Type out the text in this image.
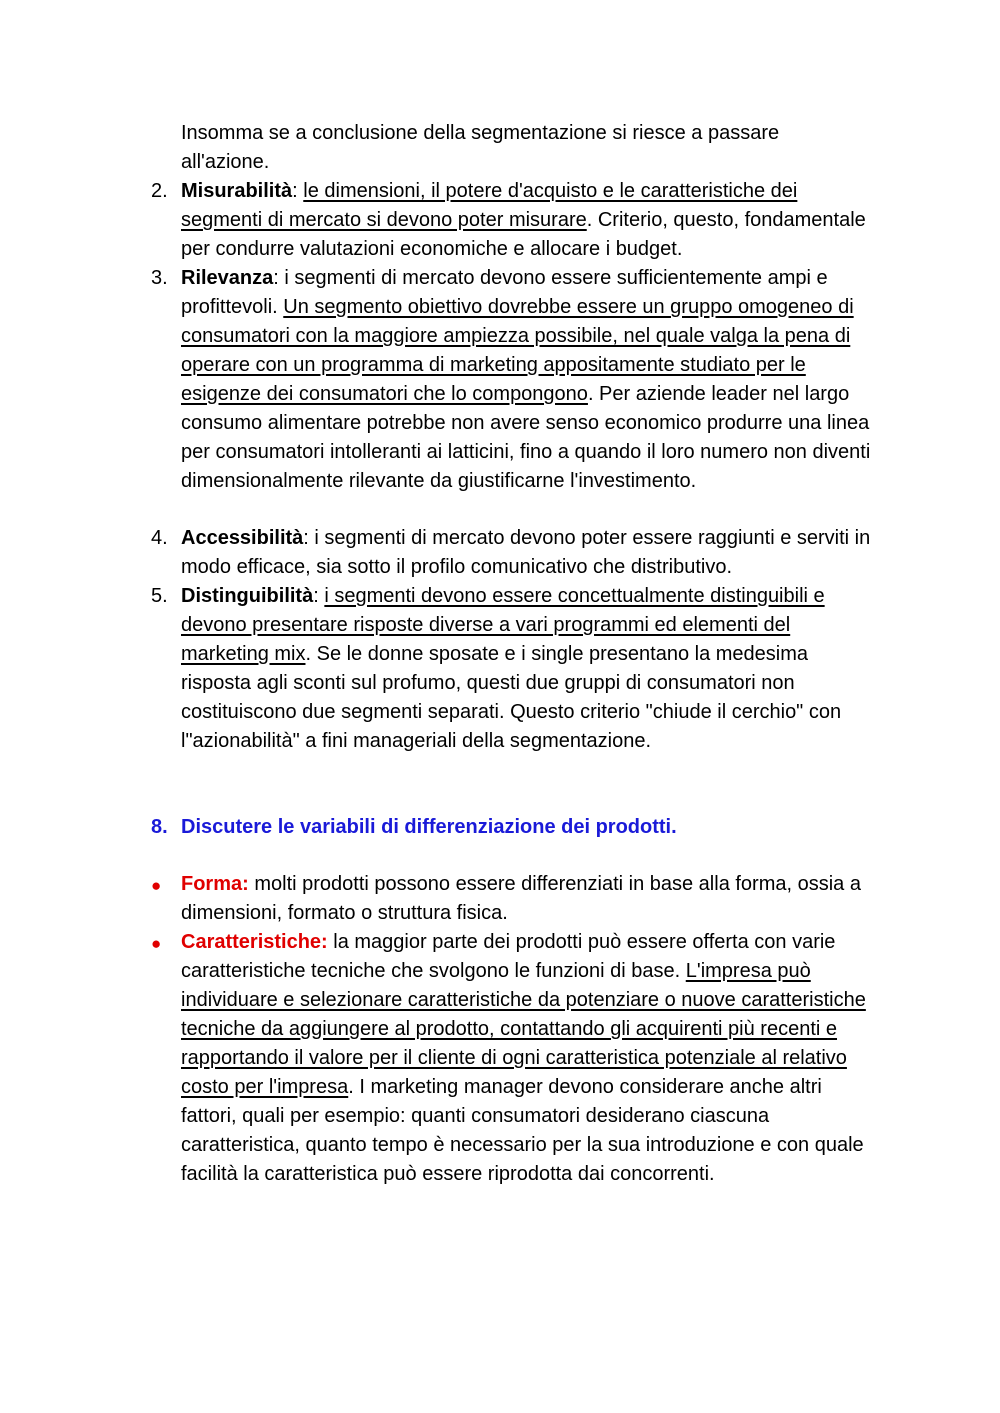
Insomma se a conclusione della segmentazione si riesce a passare
all'azione.
2. Misurabilità: le dimensioni, il potere d'acquisto e le caratteristiche dei segmenti di mercato si devono poter misurare. Criterio, questo, fondamentale per condurre valutazioni economiche e allocare i budget.
3. Rilevanza: i segmenti di mercato devono essere sufficientemente ampi e profittevoli. Un segmento obiettivo dovrebbe essere un gruppo omogeneo di consumatori con la maggiore ampiezza possibile, nel quale valga la pena di operare con un programma di marketing appositamente studiato per le esigenze dei consumatori che lo compongono. Per aziende leader nel largo consumo alimentare potrebbe non avere senso economico produrre una linea per consumatori intolleranti ai latticini, fino a quando il loro numero non diventi dimensionalmente rilevante da giustificarne l'investimento.
4. Accessibilità: i segmenti di mercato devono poter essere raggiunti e serviti in modo efficace, sia sotto il profilo comunicativo che distributivo.
5. Distinguibilità: i segmenti devono essere concettualmente distinguibili e devono presentare risposte diverse a vari programmi ed elementi del marketing mix. Se le donne sposate e i single presentano la medesima risposta agli sconti sul profumo, questi due gruppi di consumatori non costituiscono due segmenti separati. Questo criterio "chiude il cerchio" con l"azionabilità" a fini manageriali della segmentazione.
8. Discutere le variabili di differenziazione dei prodotti.
● Forma: molti prodotti possono essere differenziati in base alla forma, ossia a dimensioni, formato o struttura fisica.
● Caratteristiche: la maggior parte dei prodotti può essere offerta con varie caratteristiche tecniche che svolgono le funzioni di base. L'impresa può individuare e selezionare caratteristiche da potenziare o nuove caratteristiche tecniche da aggiungere al prodotto, contattando gli acquirenti più recenti e rapportando il valore per il cliente di ogni caratteristica potenziale al relativo costo per l'impresa. I marketing manager devono considerare anche altri fattori, quali per esempio: quanti consumatori desiderano ciascuna caratteristica, quanto tempo è necessario per la sua introduzione e con quale facilità la caratteristica può essere riprodotta dai concorrenti.
